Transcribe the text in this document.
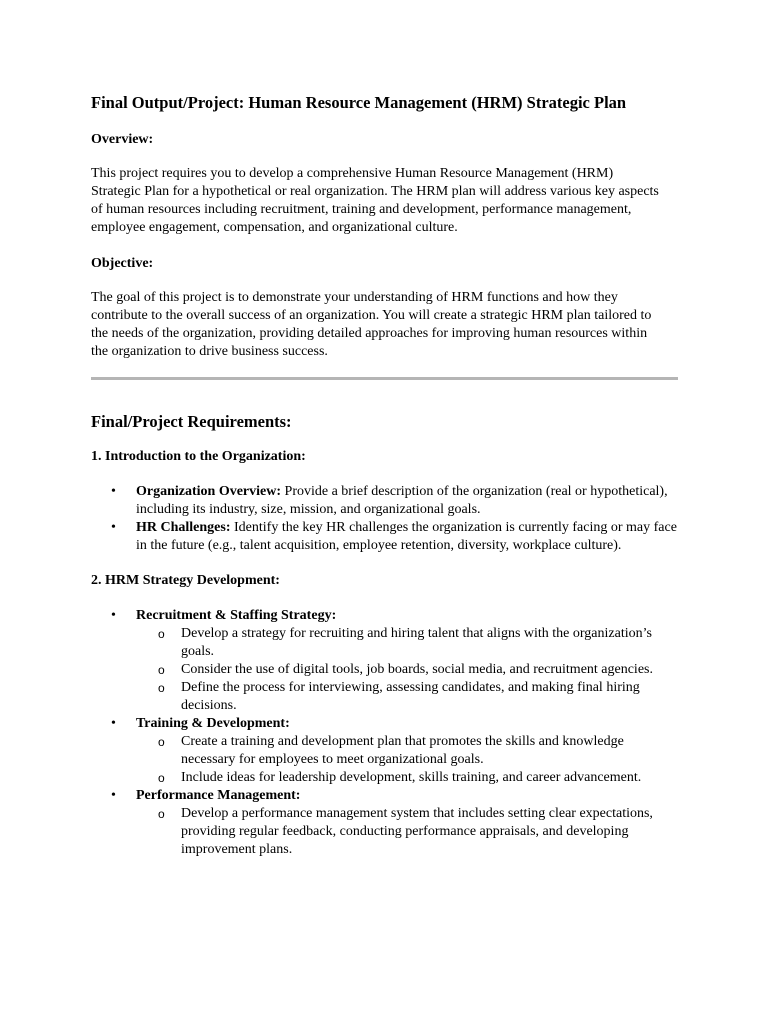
Final Output/Project: Human Resource Management (HRM) Strategic Plan

Overview:

This project requires you to develop a comprehensive Human Resource Management (HRM) Strategic Plan for a hypothetical or real organization. The HRM plan will address various key aspects of human resources including recruitment, training and development, performance management, employee engagement, compensation, and organizational culture.

Objective:

The goal of this project is to demonstrate your understanding of HRM functions and how they contribute to the overall success of an organization. You will create a strategic HRM plan tailored to the needs of the organization, providing detailed approaches for improving human resources within the organization to drive business success.

Final/Project Requirements:

1. Introduction to the Organization:

• Organization Overview: Provide a brief description of the organization (real or hypothetical), including its industry, size, mission, and organizational goals.
• HR Challenges: Identify the key HR challenges the organization is currently facing or may face in the future (e.g., talent acquisition, employee retention, diversity, workplace culture).

2. HRM Strategy Development:

• Recruitment & Staffing Strategy:
o Develop a strategy for recruiting and hiring talent that aligns with the organization’s goals.
o Consider the use of digital tools, job boards, social media, and recruitment agencies.
o Define the process for interviewing, assessing candidates, and making final hiring decisions.
• Training & Development:
o Create a training and development plan that promotes the skills and knowledge necessary for employees to meet organizational goals.
o Include ideas for leadership development, skills training, and career advancement.
• Performance Management:
o Develop a performance management system that includes setting clear expectations, providing regular feedback, conducting performance appraisals, and developing improvement plans.
